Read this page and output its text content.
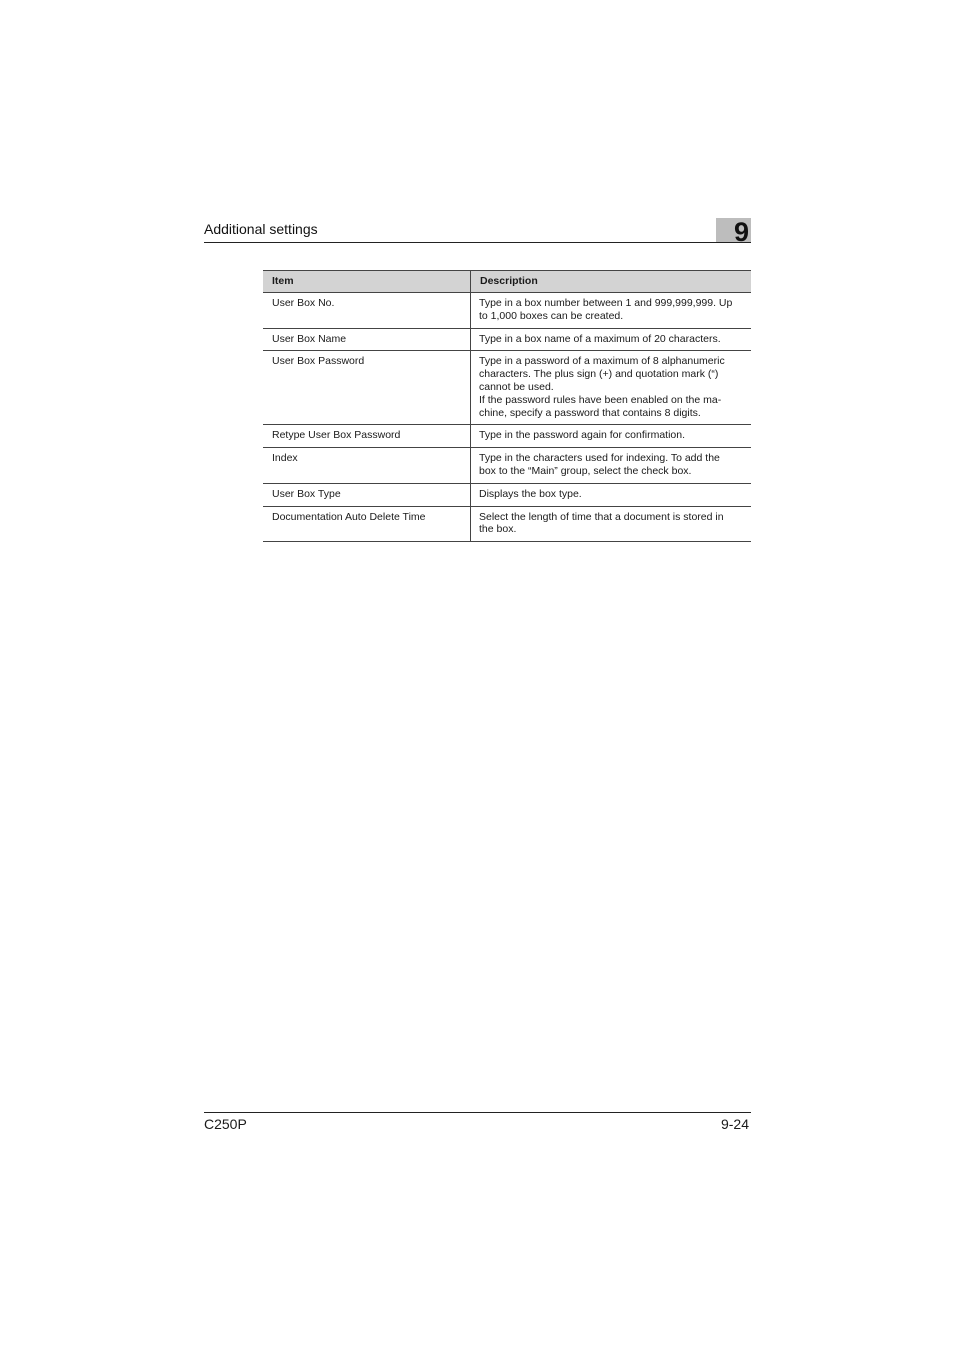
Additional settings	9
Item	Description
User Box No.	Type in a box number between 1 and 999,999,999. Up
to 1,000 boxes can be created.

User Box Name	Type in a box name of a maximum of 20 characters.

User Box Password	Type in a password of a maximum of 8 alphanumeric
characters. The plus sign (+) and quotation mark (“)
cannot be used.
If the password rules have been enabled on the ma-
chine, specify a password that contains 8 digits.

Retype User Box Password	Type in the password again for confirmation.

Index	Type in the characters used for indexing. To add the
box to the “Main” group, select the check box.

User Box Type	Displays the box type.

Documentation Auto Delete Time	Select the length of time that a document is stored in
the box.
C250P	9-24
